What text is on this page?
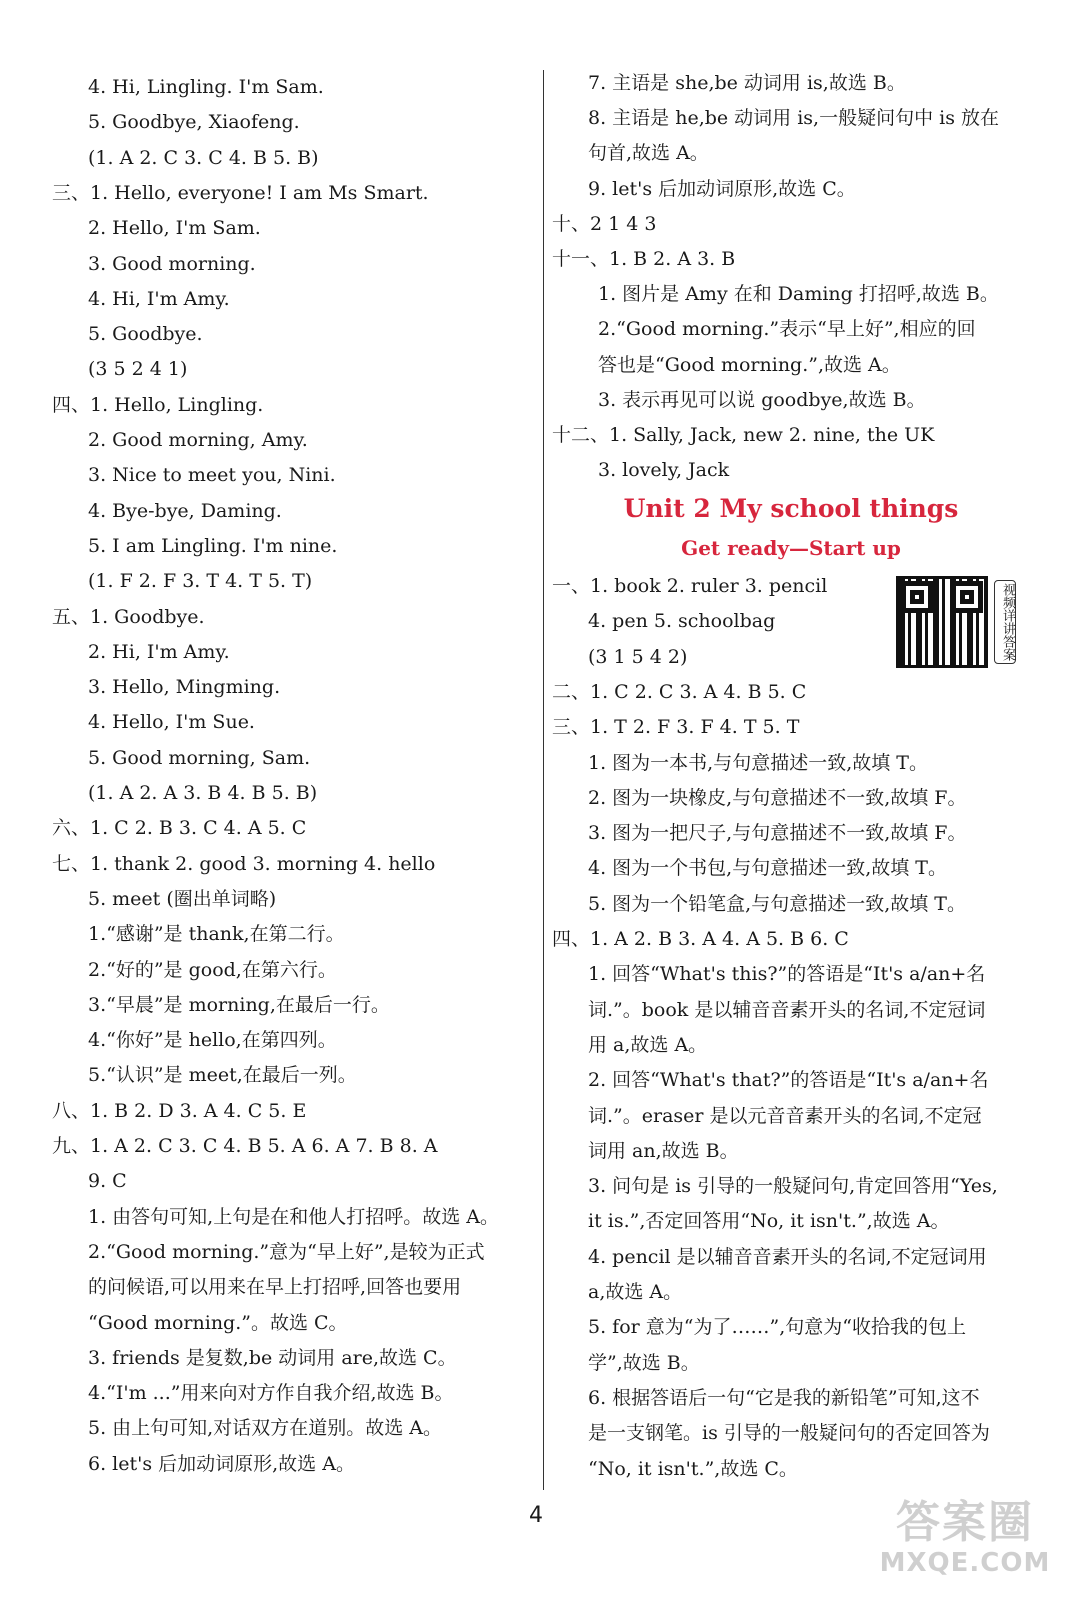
4. Hi, Lingling. I'm Sam.
5. Goodbye, Xiaofeng.
(1. A 2. C 3. C 4. B 5. B)
三、1. Hello, everyone! I am Ms Smart.
2. Hello, I'm Sam.
3. Good morning.
4. Hi, I'm Amy.
5. Goodbye.
(3 5 2 4 1)
四、1. Hello, Lingling.
2. Good morning, Amy.
3. Nice to meet you, Nini.
4. Bye-bye, Daming.
5. I am Lingling. I'm nine.
(1. F 2. F 3. T 4. T 5. T)
五、1. Goodbye.
2. Hi, I'm Amy.
3. Hello, Mingming.
4. Hello, I'm Sue.
5. Good morning, Sam.
(1. A 2. A 3. B 4. B 5. B)
六、1. C 2. B 3. C 4. A 5. C
七、1. thank 2. good 3. morning 4. hello
5. meet (圈出单词略)
1.“感谢”是 thank,在第二行。
2.“好的”是 good,在第六行。
3.“早晨”是 morning,在最后一行。
4.“你好”是 hello,在第四列。
5.“认识”是 meet,在最后一列。
八、1. B 2. D 3. A 4. C 5. E
九、1. A 2. C 3. C 4. B 5. A 6. A 7. B 8. A
9. C
1. 由答句可知,上句是在和他人打招呼。故选 A。
2.“Good morning.”意为“早上好”,是较为正式
的问候语,可以用来在早上打招呼,回答也要用
“Good morning.”。故选 C。
3. friends 是复数,be 动词用 are,故选 C。
4.“I'm ...”用来向对方作自我介绍,故选 B。
5. 由上句可知,对话双方在道别。故选 A。
6. let's 后加动词原形,故选 A。
Unit 2 My school things
Get ready—Start up
7. 主语是 she,be 动词用 is,故选 B。
8. 主语是 he,be 动词用 is,一般疑问句中 is 放在
句首,故选 A。
9. let's 后加动词原形,故选 C。
十、2 1 4 3
十一、1. B 2. A 3. B
1. 图片是 Amy 在和 Daming 打招呼,故选 B。
2.“Good morning.”表示“早上好”,相应的回
答也是“Good morning.”,故选 A。
3. 表示再见可以说 goodbye,故选 B。
十二、1. Sally, Jack, new 2. nine, the UK
3. lovely, Jack
一、1. book 2. ruler 3. pencil
4. pen 5. schoolbag
(3 1 5 4 2)
二、1. C 2. C 3. A 4. B 5. C
三、1. T 2. F 3. F 4. T 5. T
1. 图为一本书,与句意描述一致,故填 T。
2. 图为一块橡皮,与句意描述不一致,故填 F。
3. 图为一把尺子,与句意描述不一致,故填 F。
4. 图为一个书包,与句意描述一致,故填 T。
5. 图为一个铅笔盒,与句意描述一致,故填 T。
四、1. A 2. B 3. A 4. A 5. B 6. C
1. 回答“What's this?”的答语是“It's a/an+名
词.”。book 是以辅音音素开头的名词,不定冠词
用 a,故选 A。
2. 回答“What's that?”的答语是“It's a/an+名
词.”。eraser 是以元音音素开头的名词,不定冠
词用 an,故选 B。
3. 问句是 is 引导的一般疑问句,肯定回答用“Yes,
it is.”,否定回答用“No, it isn't.”,故选 A。
4. pencil 是以辅音音素开头的名词,不定冠词用
a,故选 A。
5. for 意为“为了……”,句意为“收拾我的包上
学”,故选 B。
6. 根据答语后一句“它是我的新铅笔”可知,这不
是一支钢笔。is 引导的一般疑问句的否定回答为
“No, it isn't.”,故选 C。
视频详讲答案
4	答案圈
MXQE.COM
